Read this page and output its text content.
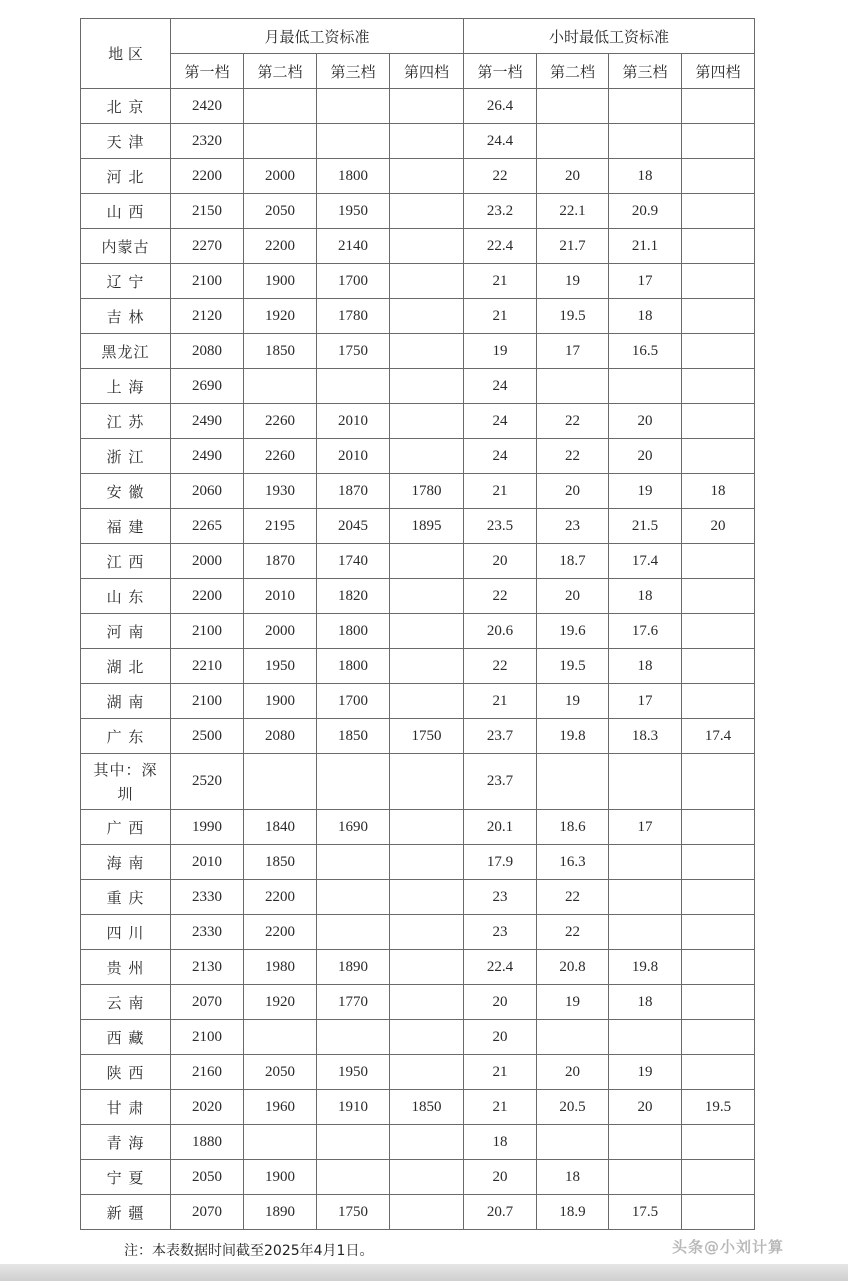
地 区	月最低工资标准				小时最低工资标准			
	第一档	第二档	第三档	第四档	第一档	第二档	第三档	第四档
北 京	2420				26.4			
天 津	2320				24.4			
河 北	2200	2000	1800		22	20	18	
山 西	2150	2050	1950		23.2	22.1	20.9	
内蒙古	2270	2200	2140		22.4	21.7	21.1	
辽 宁	2100	1900	1700		21	19	17	
吉 林	2120	1920	1780		21	19.5	18	
黑龙江	2080	1850	1750		19	17	16.5	
上 海	2690				24			
江 苏	2490	2260	2010		24	22	20	
浙 江	2490	2260	2010		24	22	20	
安 徽	2060	1930	1870	1780	21	20	19	18
福 建	2265	2195	2045	1895	23.5	23	21.5	20
江 西	2000	1870	1740		20	18.7	17.4	
山 东	2200	2010	1820		22	20	18	
河 南	2100	2000	1800		20.6	19.6	17.6	
湖 北	2210	1950	1800		22	19.5	18	
湖 南	2100	1900	1700		21	19	17	
广 东	2500	2080	1850	1750	23.7	19.8	18.3	17.4
其中：深圳	2520				23.7			
广 西	1990	1840	1690		20.1	18.6	17	
海 南	2010	1850			17.9	16.3		
重 庆	2330	2200			23	22		
四 川	2330	2200			23	22		
贵 州	2130	1980	1890		22.4	20.8	19.8	
云 南	2070	1920	1770		20	19	18	
西 藏	2100				20			
陕 西	2160	2050	1950		21	20	19	
甘 肃	2020	1960	1910	1850	21	20.5	20	19.5
青 海	1880				18			
宁 夏	2050	1900			20	18		
新 疆	2070	1890	1750		20.7	18.9	17.5	
注：本表数据时间截至2025年4月1日。	头条@小刘计算
